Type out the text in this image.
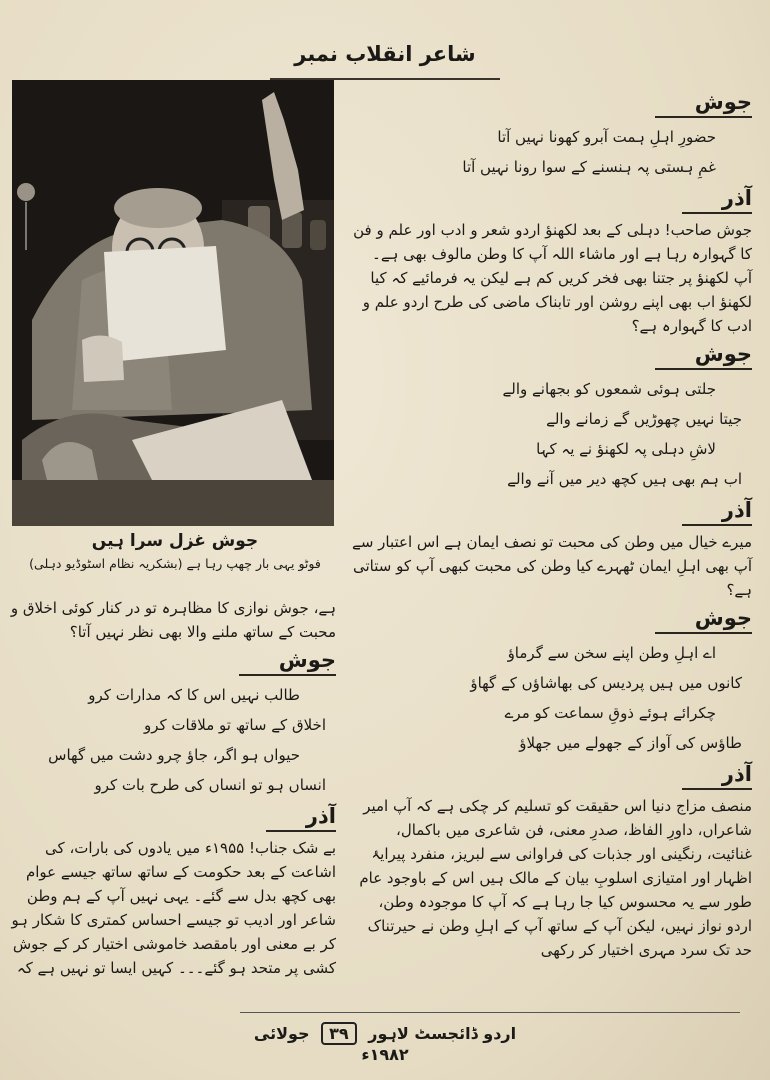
شاعر انقلاب نمبر
جوش غزل سرا ہیں
فوٹو یہی بار چھپ رہا ہے (بشکریہ نظام اسٹوڈیو دہلی)
جوش

حضورِ اہلِ ہمت آبرو کھونا نہیں آتا

غمِ ہستی پہ ہنسنے کے سوا رونا نہیں آتا

آذر

جوش صاحب! دہلی کے بعد لکھنؤ اردو شعر و ادب اور علم و فن کا گہوارہ رہا ہے اور ماشاء اللہ آپ کا وطن مالوف بھی ہے۔ آپ لکھنؤ پر جتنا بھی فخر کریں کم ہے لیکن یہ فرمائیے کہ کیا لکھنؤ اب بھی اپنے روشن اور تابناک ماضی کی طرح اردو علم و ادب کا گہوارہ ہے؟

جوش

جلتی ہوئی شمعوں کو بجھانے والے

جیتا نہیں چھوڑیں گے زمانے والے

لاشِ دہلی پہ لکھنؤ نے یہ کہا

اب ہم بھی ہیں کچھ دیر میں آنے والے

آذر

میرے خیال میں وطن کی محبت تو نصف ایمان ہے اس اعتبار سے آپ بھی اہلِ ایمان ٹھہرے کیا وطن کی محبت کبھی آپ کو ستاتی ہے؟

جوش

اے اہلِ وطن اپنے سخن سے گرماؤ

کانوں میں ہیں پردیس کی بھاشاؤں کے گھاؤ

چکرائے ہوئے ذوقِ سماعت کو مرے

طاؤس کی آواز کے جھولے میں جھلاؤ

آذر

منصف مزاج دنیا اس حقیقت کو تسلیم کر چکی ہے کہ آپ امیر شاعراں، داورِ الفاظ، صدرِ معنی، فن شاعری میں باکمال، غنائیت، رنگینی اور جذبات کی فراوانی سے لبریز، منفرد پیرایۂ اظہار اور امتیازی اسلوبِ بیان کے مالک ہیں اس کے باوجود عام طور سے یہ محسوس کیا جا رہا ہے کہ آپ کا موجودہ وطن، اردو نواز نہیں، لیکن آپ کے ساتھ آپ کے اہلِ وطن نے حیرتناک حد تک سرد مہری اختیار کر رکھی

ہے، جوش نوازی کا مظاہرہ تو در کنار کوئی اخلاق و محبت کے ساتھ ملنے والا بھی نظر نہیں آتا؟

جوش

طالب نہیں اس کا کہ مدارات کرو

اخلاق کے ساتھ تو ملاقات کرو

حیواں ہو اگر، جاؤ چرو دشت میں گھاس

انساں ہو تو انساں کی طرح بات کرو

آذر

بے شک جناب! ۱۹۵۵ء میں یادوں کی بارات، کی اشاعت کے بعد حکومت کے ساتھ ساتھ جیسے عوام بھی کچھ بدل سے گئے۔ یہی نہیں آپ کے ہم وطن شاعر اور ادیب تو جیسے احساس کمتری کا شکار ہو کر بے معنی اور بامقصد خاموشی اختیار کر کے جوش کشی پر متحد ہو گئے۔۔۔ کہیں ایسا تو نہیں ہے کہ

اردو ڈائجسٹ لاہور ۳۹ جولائی ۱۹۸۲ء
